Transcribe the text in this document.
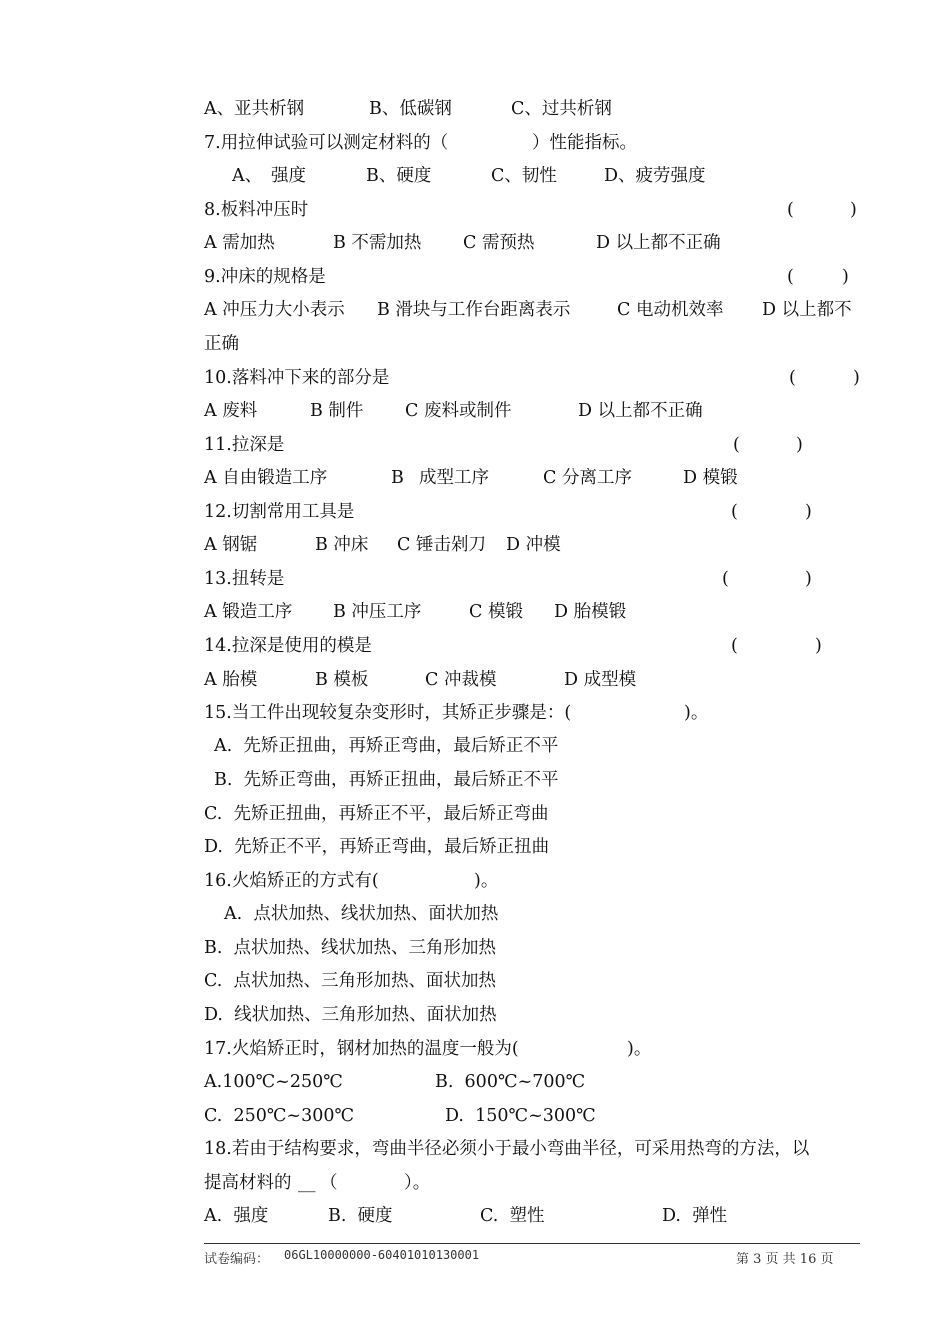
A、亚共析钢	B、低碳钢	C、过共析钢
7.用拉伸试验可以测定材料的（	）性能指标。
A、 强度	B、硬度	C、韧性	D、疲劳强度
8.板料冲压时	(	)
A 需加热	B 不需加热 C 需预热	D 以上都不正确
9.冲床的规格是	(	)
A 冲压力大小表示 B 滑块与工作台距离表示	C 电动机效率 D 以上都不
正确
10.落料冲下来的部分是	(	)
A 废料	B 制件 C 废料或制件	D 以上都不正确
11.拉深是	(	)
A 自由锻造工序	B 成型工序	C 分离工序	D 模锻
12.切割常用工具是	(	)
A 钢锯	B 冲床 C 锤击剁刀 D 冲模
13.扭转是	(	)
A 锻造工序 B 冲压工序	C 模锻 D 胎模锻
14.拉深是使用的模是	(	)
A 胎模	B 模板	C 冲裁模	D 成型模
15.当工件出现较复杂变形时，其矫正步骤是：(	)。
A.  先矫正扭曲，再矫正弯曲，最后矫正不平
B.  先矫正弯曲，再矫正扭曲，最后矫正不平
C.  先矫正扭曲，再矫正不平，最后矫正弯曲
D.  先矫正不平，再矫正弯曲，最后矫正扭曲
16.火焰矫正的方式有(	)。
A.  点状加热、线状加热、面状加热
B.  点状加热、线状加热、三角形加热
C.  点状加热、三角形加热、面状加热
D.  线状加热、三角形加热、面状加热
17.火焰矫正时，钢材加热的温度一般为(	)。
A.100℃~250℃	B.  600℃~700℃
C.  250℃~300℃	D.  150℃~300℃
18.若由于结构要求，弯曲半径必须小于最小弯曲半径，可采用热弯的方法，以
提高材料的 __ （	）。
A.  强度	B.  硬度	C.  塑性	D.  弹性
试卷编码： 06GL10000000-60401010130001	第 3 页 共 16 页
